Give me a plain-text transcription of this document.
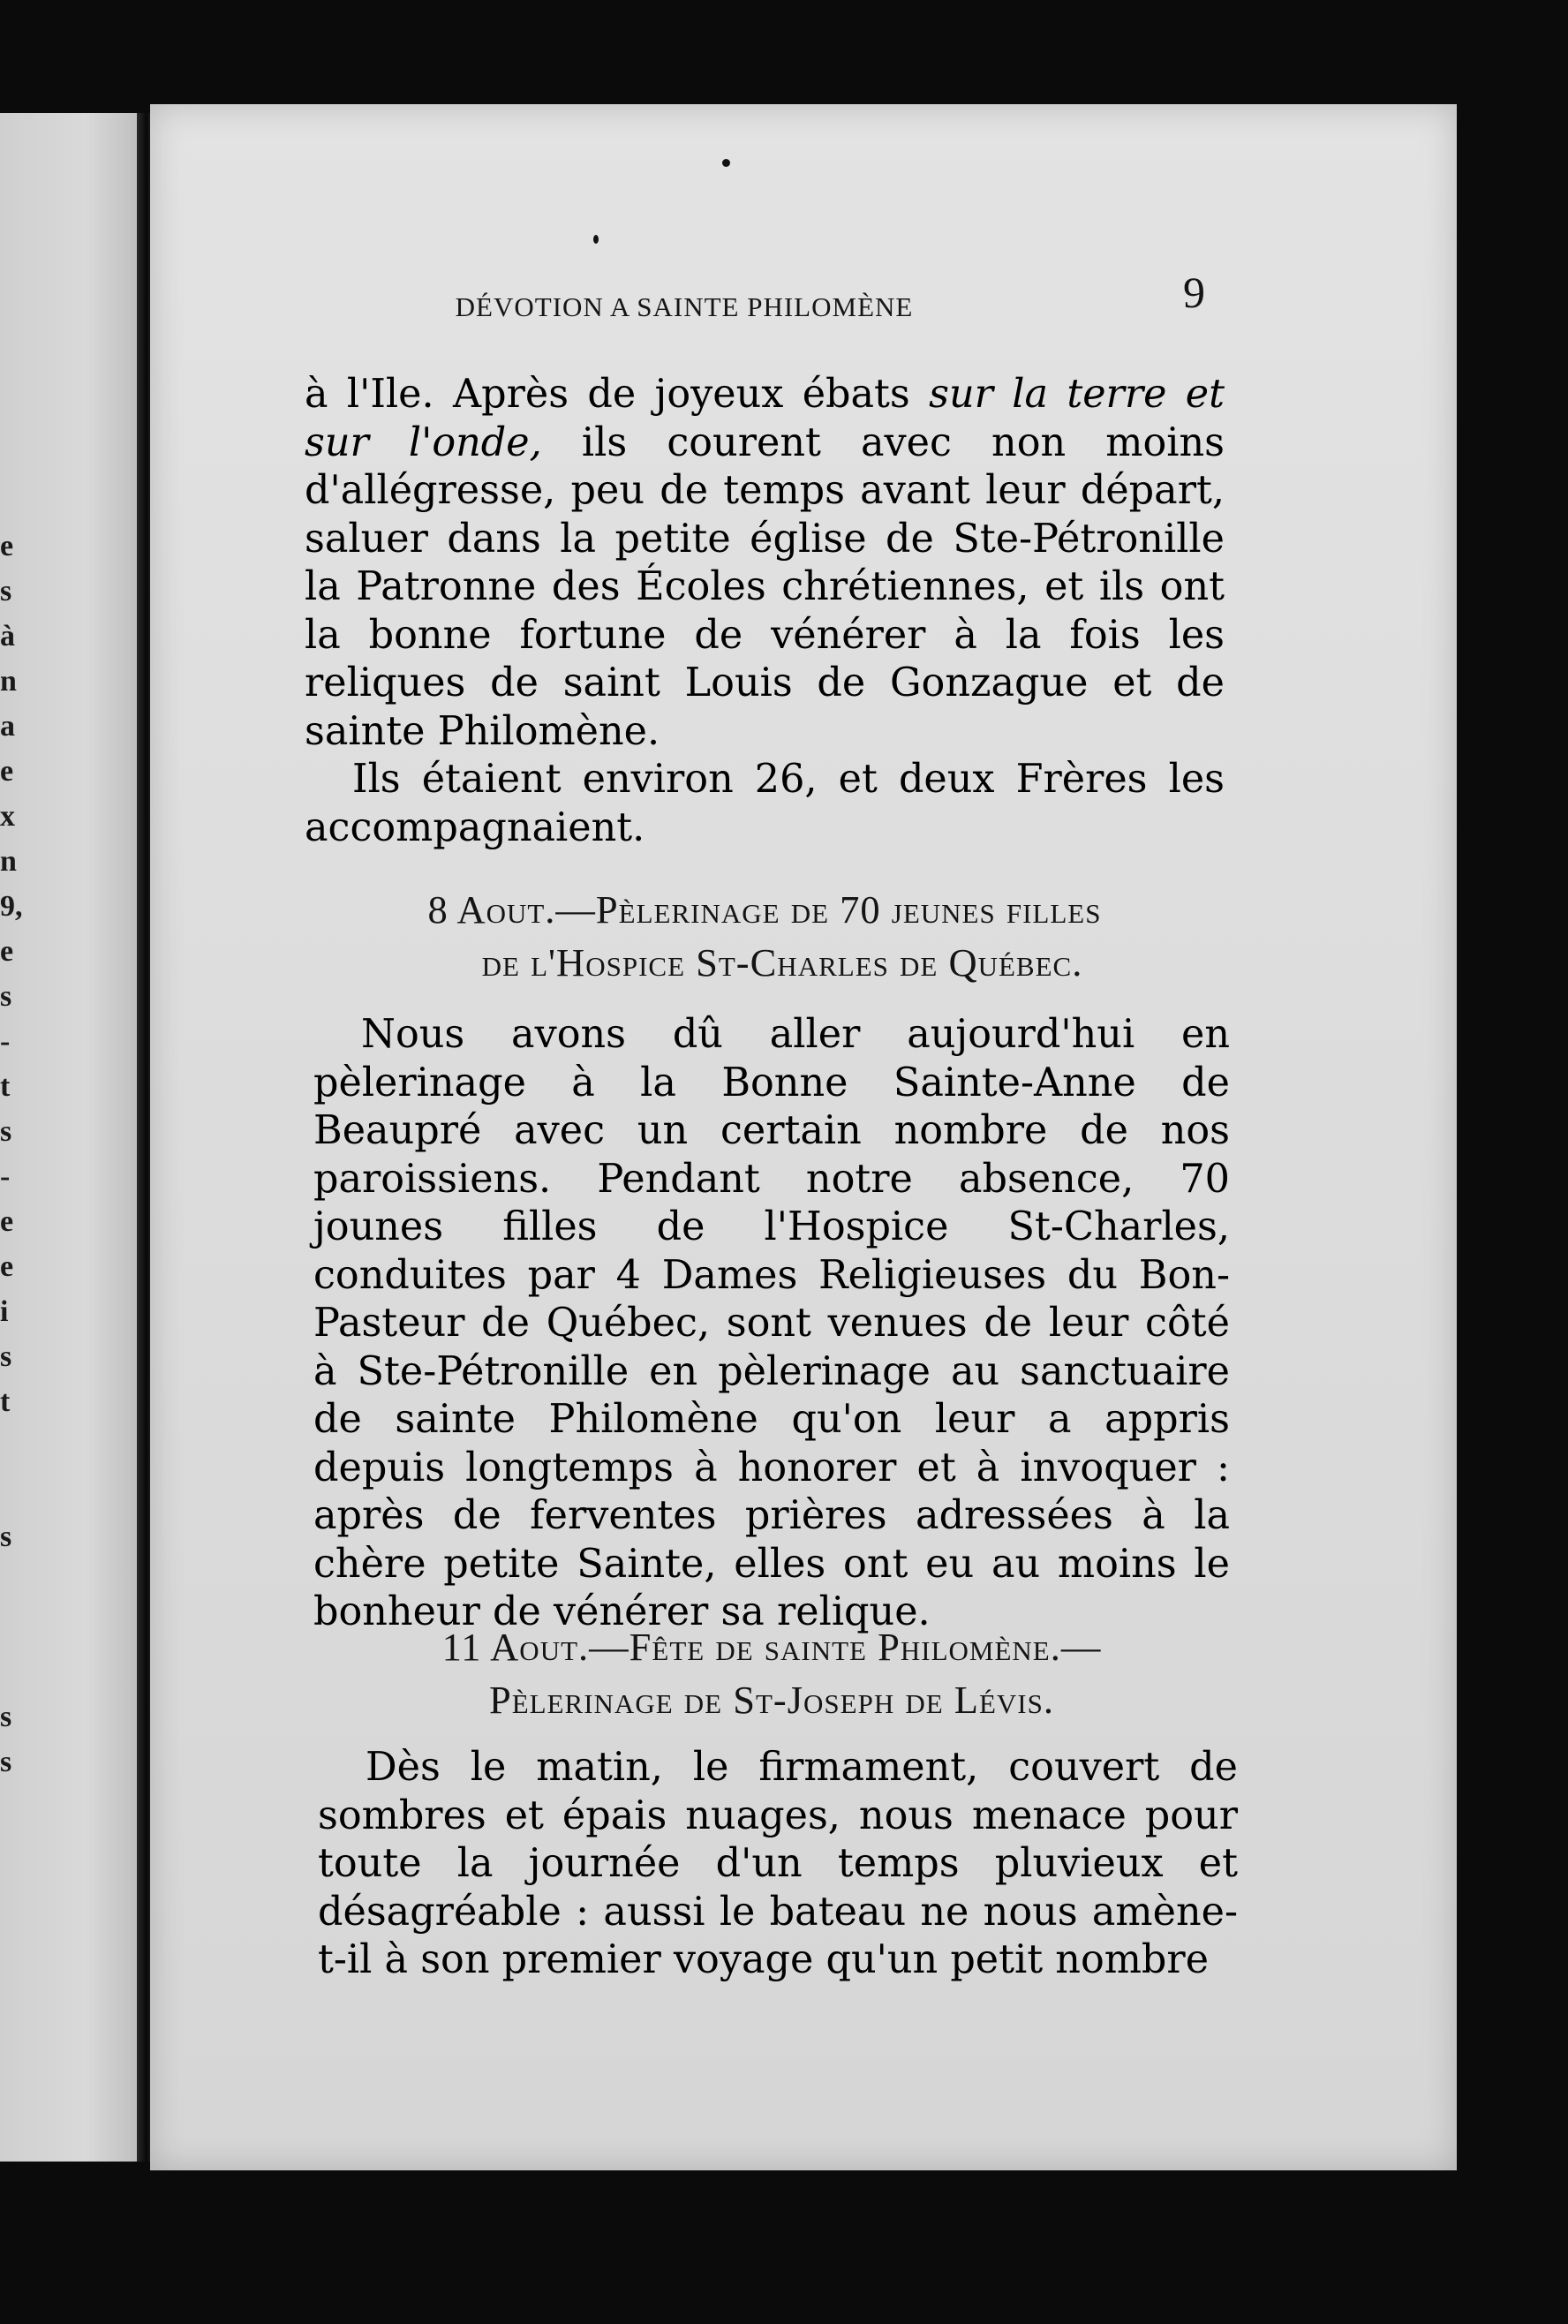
e
s
à
n
a
e
x
n
9,
e
s
-
t
s
-
e
e
i
s
t

s

s
s
DÉVOTION A SAINTE PHILOMÈNE	9

à l'Ile. Après de joyeux ébats sur la terre et sur l'onde, ils courent avec non moins d'allégresse, peu de temps avant leur départ, saluer dans la petite église de Ste-Pétronille la Patronne des Écoles chrétiennes, et ils ont la bonne fortune de vénérer à la fois les reliques de saint Louis de Gonzague et de sainte Philomène.

Ils étaient environ 26, et deux Frères les accompagnaient.

8 Aout.—Pèlerinage de 70 jeunes filles

de l'Hospice St-Charles de Québec.

Nous avons dû aller aujourd'hui en pèlerinage à la Bonne Sainte-Anne de Beaupré avec un certain nombre de nos paroissiens. Pendant notre absence, 70 jounes filles de l'Hospice St-Charles, conduites par 4 Dames Religieuses du Bon-Pasteur de Québec, sont venues de leur côté à Ste-Pétronille en pèlerinage au sanctuaire de sainte Philomène qu'on leur a appris depuis longtemps à honorer et à invoquer : après de ferventes prières adressées à la chère petite Sainte, elles ont eu au moins le bonheur de vénérer sa relique.

11 Aout.—Fête de sainte Philomène.—

Pèlerinage de St-Joseph de Lévis.

Dès le matin, le firmament, couvert de sombres et épais nuages, nous menace pour toute la journée d'un temps pluvieux et désagréable : aussi le bateau ne nous amène-t-il à son premier voyage qu'un petit nombre
